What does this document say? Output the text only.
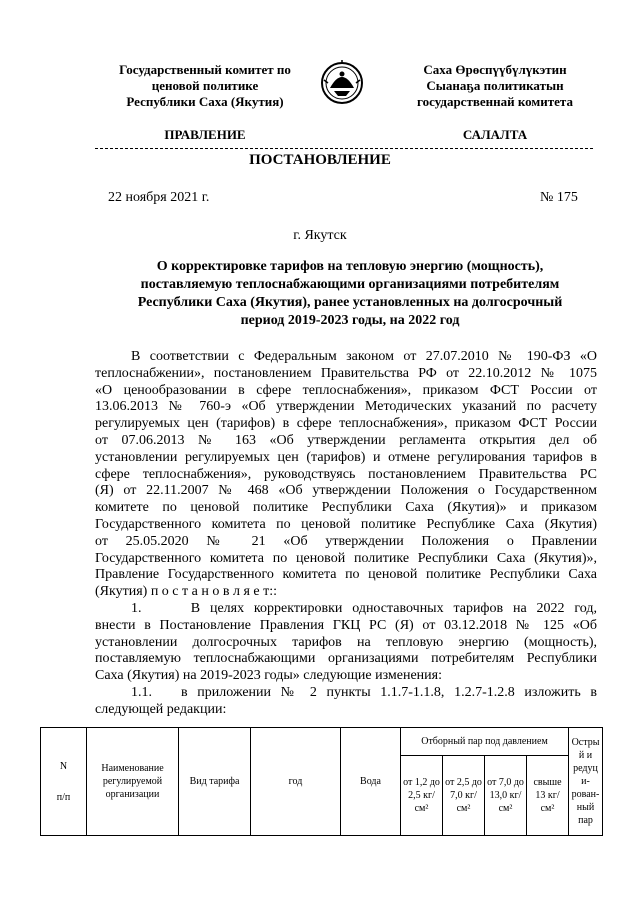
Государственный комитет по
ценовой политике
Республики Саха (Якутия)
Саха Өрөспүүбүлүкэтин
Сыанаҕа политикатын
государственнай комитета
ПРАВЛЕНИЕ	САЛАЛТА
ПОСТАНОВЛЕНИЕ
22 ноября 2021 г.	№ 175
г. Якутск
О корректировке тарифов на тепловую энергию (мощность),
поставляемую теплоснабжающими организациями потребителям
Республики Саха (Якутия), ранее установленных на долгосрочный
период 2019-2023 годы, на 2022 год
В соответствии с Федеральным законом от 27.07.2010 № 190-ФЗ «О
теплоснабжении», постановлением Правительства РФ от 22.10.2012 № 1075
«О ценообразовании в сфере теплоснабжения», приказом ФСТ России от
13.06.2013 № 760-э «Об утверждении Методических указаний по расчету
регулируемых цен (тарифов) в сфере теплоснабжения», приказом ФСТ России
от 07.06.2013 № 163 «Об утверждении регламента открытия дел об
установлении регулируемых цен (тарифов) и отмене регулирования тарифов в
сфере теплоснабжения», руководствуясь постановлением Правительства РС
(Я) от 22.11.2007 № 468 «Об утверждении Положения о Государственном
комитете по ценовой политике Республики Саха (Якутия)» и приказом
Государственного комитета по ценовой политике Республике Саха (Якутия)
от 25.05.2020 № 21 «Об утверждении Положения о Правлении
Государственного комитета по ценовой политике Республики Саха (Якутия)»,
Правление Государственного комитета по ценовой политике Республики Саха
(Якутия) п о с т а н о в л я е т::
1.     В целях корректировки одноставочных тарифов на 2022 год,
внести в Постановление Правления ГКЦ РС (Я) от 03.12.2018 № 125 «Об
установлении долгосрочных тарифов на тепловую энергию (мощность),
поставляемую теплоснабжающими организациями потребителям Республики
Саха (Якутия) на 2019-2023 годы» следующие изменения:
1.1.   в приложении № 2 пункты 1.1.7-1.1.8, 1.2.7-1.2.8 изложить в
следующей редакции:
N
п/п	Наименование регулируемой организации	Вид тарифа	год	Вода	Отборный пар под давлением				Острый и редуци-рован-ный пар
					от 1,2 до 2,5 кг/см²	от 2,5 до 7,0 кг/см²	от 7,0 до 13,0 кг/см²	свыше 13 кг/см²	
